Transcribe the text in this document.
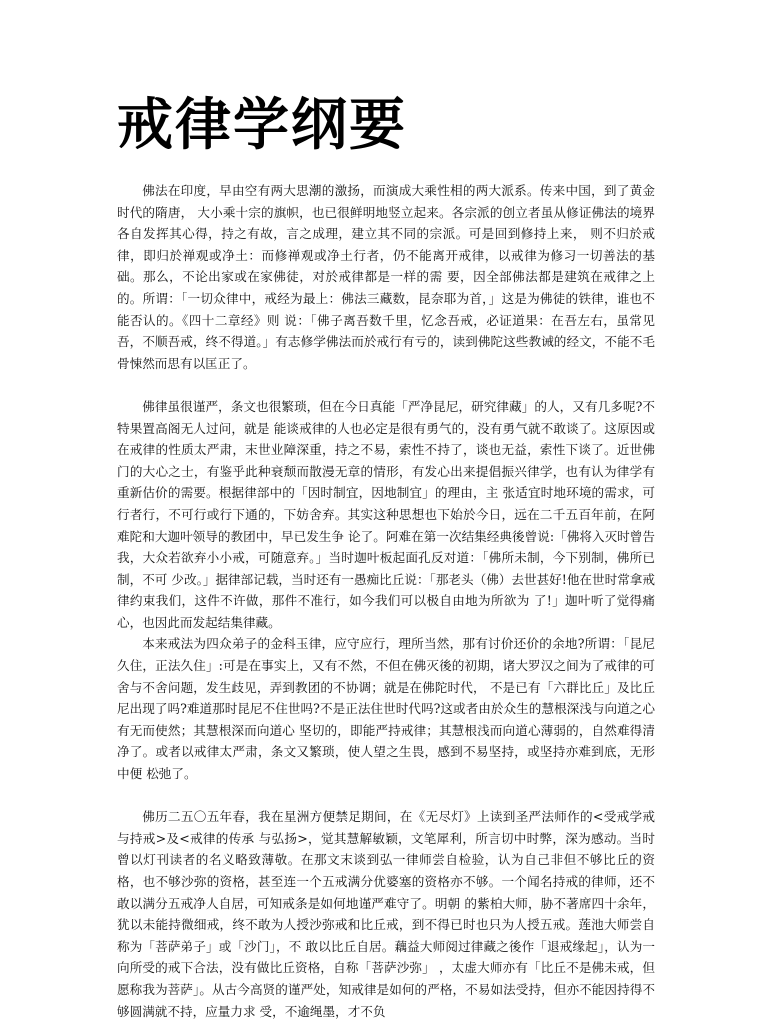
戒律学纲要

佛法在印度，早由空有两大思潮的激扬，而演成大乘性相的两大派系。传来中国，到了黄金时代的隋唐， 大小乘十宗的旗帜，也已很鲜明地竖立起来。各宗派的创立者虽从修证佛法的境界各自发挥其心得，持之有故，言之成理，建立其不同的宗派。可是回到修持上来， 则不归於戒律，即归於禅观或净土：而修禅观或净土行者，仍不能离开戒律，以戒律为修习一切善法的基础。那么，不论出家或在家佛徒，对於戒律都是一样的需 要，因全部佛法都是建筑在戒律之上的。所谓：「一切众律中，戒经为最上：佛法三藏数，昆奈耶为首，」这是为佛徒的铁律，谁也不能否认的。《四十二章经》则 说：「佛子离吾数千里，忆念吾戒，必证道果：在吾左右，虽常见吾，不顺吾戒，终不得道。」有志修学佛法而於戒行有亏的，读到佛陀这些教诫的经文，不能不毛 骨悚然而思有以匡正了。

佛律虽很谨严，条文也很繁琐，但在今日真能「严净昆尼，研究律藏」的人，又有几多呢?不特果置高阁无人过问，就是 能谈戒律的人也必定是很有勇气的，没有勇气就不敢谈了。这原因或在戒律的性质太严肃，末世业障深重，持之不易，索性不持了，谈也无益，索性下谈了。近世佛 门的大心之士，有鉴乎此种衰颓而散漫无章的情形，有发心出来提倡振兴律学，也有认为律学有重新估价的需要。根据律部中的「因时制宜，因地制宜」的理由，主 张适宜时地环境的需求，可行者行，不可行或行下通的，下妨舍弃。其实这种思想也下始於今日，远在二千五百年前，在阿难陀和大迦叶领导的教团中，早已发生争 论了。阿难在第一次结集经典後曾说:「佛将入灭时曾告我，大众若欲弃小小戒，可随意弃。」当时迦叶板起面孔反对道：「佛所未制，今下别制，佛所已制，不可 少改。」据律部记载，当时还有一愚痴比丘说：「那老头（佛）去世甚好!他在世时常拿戒律约束我们，这件不许做，那件不准行，如今我们可以极自由地为所欲为 了!」迦叶听了觉得痛心，也因此而发起结集律藏。

本来戒法为四众弟子的金科玉律，应守应行，理所当然，那有讨价还价的余地?所谓：「昆尼 久住，正法久住」:可是在事实上，又有不然，不但在佛灭後的初期，诸大罗汉之间为了戒律的可舍与不舍问题，发生歧见，弄到教团的不协调；就是在佛陀时代， 不是已有「六群比丘」及比丘尼出现了吗?难道那时昆尼不住世吗?不是正法住世时代吗?这或者由於众生的慧根深浅与向道之心有无而使然；其慧根深而向道心 坚切的，即能严持戒律；其慧根浅而向道心薄弱的，自然难得清净了。或者以戒律太严肃，条文又繁琐，使人望之生畏，感到不易坚持，或坚持亦难到底，无形中便 松弛了。

佛历二五〇五年春，我在星洲方便禁足期间，在《无尽灯》上读到圣严法师作的<受戒学戒与持戒>及<戒律的传承 与弘扬>，觉其慧解敏颖，文笔犀利，所言切中时弊，深为感动。当时曾以灯刊读者的名义略致薄敬。在那文末谈到弘一律师尝自检验，认为自己非但不够比丘的资格，也不够沙弥的资格，甚至连一个五戒满分优婆塞的资格亦不够。一个闻名持戒的律师，还不敢以满分五戒净人自居，可知戒条是如何地谨严难守了。明朝 的紫柏大师，胁不著席四十余年，犹以未能持微细戒，终不敢为人授沙弥戒和比丘戒，到不得已时也只为人授五戒。莲池大师尝自称为「菩萨弟子」或「沙门」，不 敢以比丘自居。藕益大师阅过律藏之後作「退戒缘起」，认为一向所受的戒下合法，没有做比丘资格，自称「菩萨沙弥」 ，太虚大师亦有「比丘不是佛未戒，但愿称我为菩萨」。从古今高贤的谨严处，知戒律是如何的严格，不易如法受持，但亦不能因持得不够圆满就不持，应量力求 受，不逾绳墨，才不负
